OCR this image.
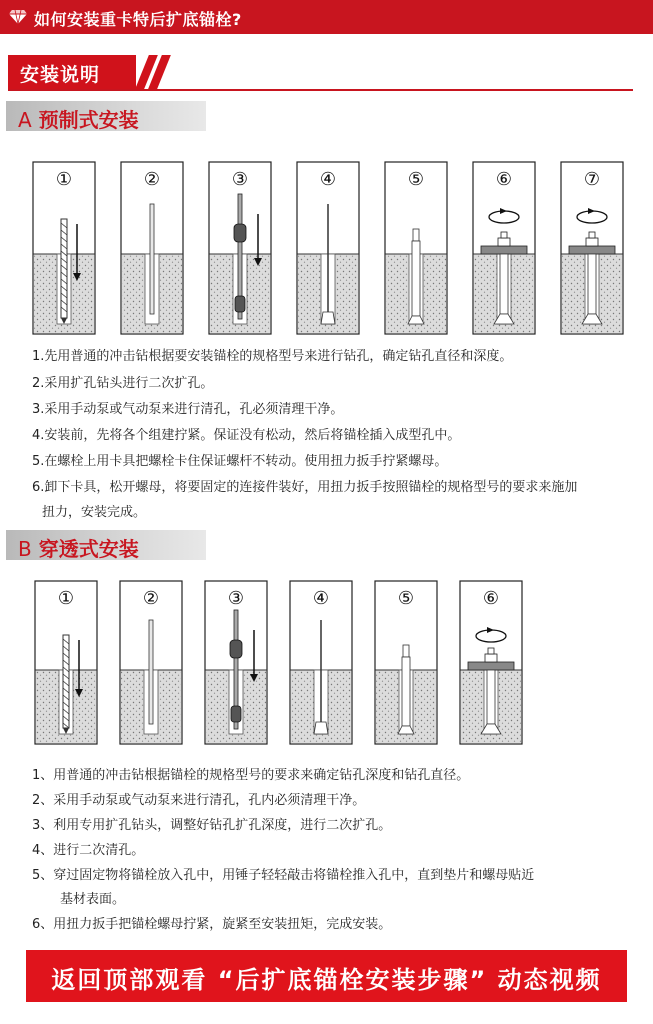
如何安装重卡特后扩底锚栓?
安装说明
A 预制式安装
①	②	③	④	⑤	⑥	⑦
1.先用普通的冲击钻根据要安装锚栓的规格型号来进行钻孔，确定钻孔直径和深度。
2.采用扩孔钻头进行二次扩孔。
3.采用手动泵或气动泵来进行清孔，孔必须清理干净。
4.安装前，先将各个组建拧紧。保证没有松动，然后将锚栓插入成型孔中。
5.在螺栓上用卡具把螺栓卡住保证螺杆不转动。使用扭力扳手拧紧螺母。
6.卸下卡具，松开螺母，将要固定的连接件装好，用扭力扳手按照锚栓的规格型号的要求来施加
扭力，安装完成。
B 穿透式安装
①	②	③	④	⑤	⑥
1、用普通的冲击钻根据锚栓的规格型号的要求来确定钻孔深度和钻孔直径。
2、采用手动泵或气动泵来进行清孔，孔内必须清理干净。
3、利用专用扩孔钻头，调整好钻孔扩孔深度，进行二次扩孔。
4、进行二次清孔。
5、穿过固定物将锚栓放入孔中，用锤子轻轻敲击将锚栓推入孔中，直到垫片和螺母贴近
基材表面。
6、用扭力扳手把锚栓螺母拧紧，旋紧至安装扭矩，完成安装。
返回顶部观看 “后扩底锚栓安装步骤” 动态视频
